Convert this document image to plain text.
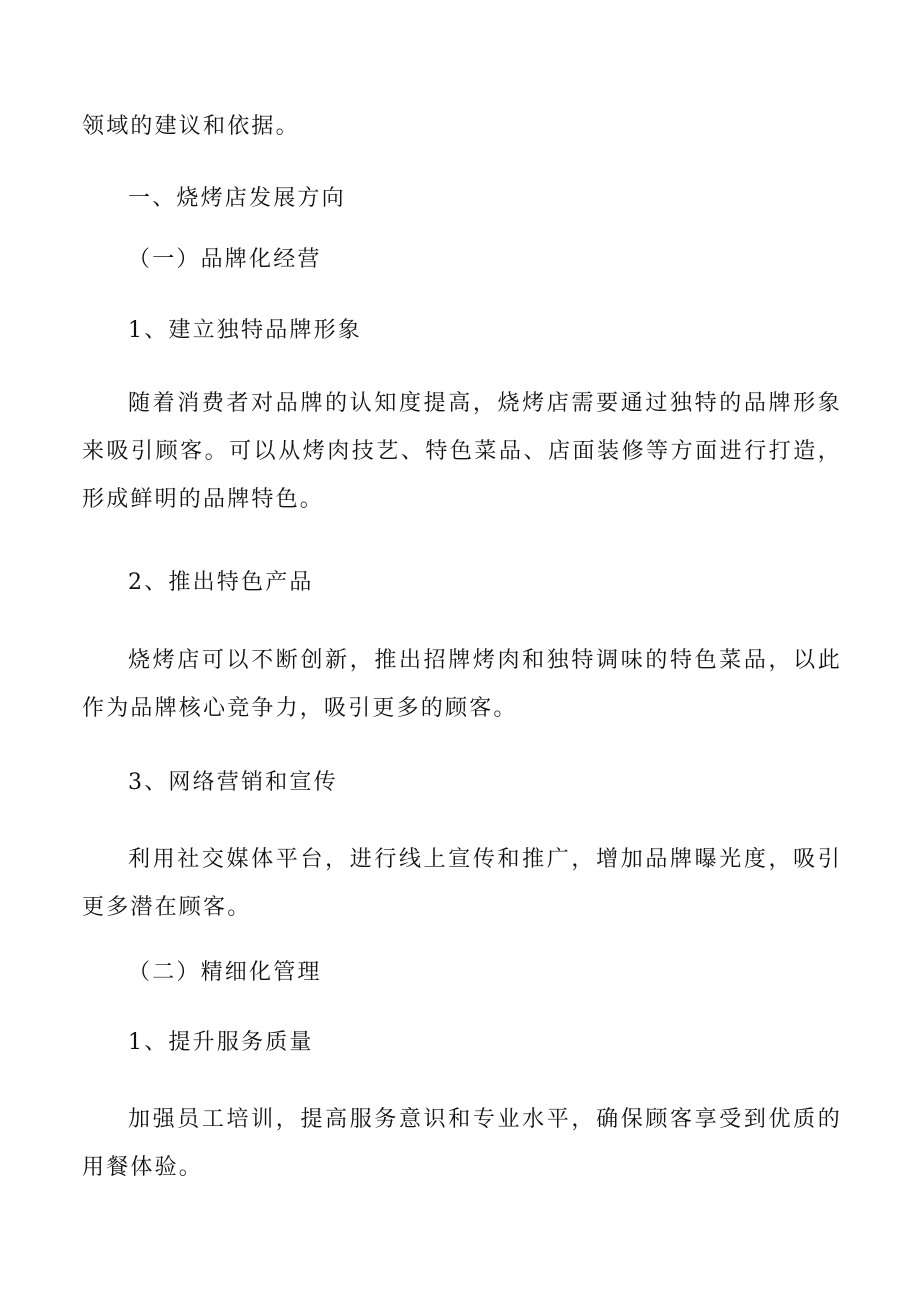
领域的建议和依据。
一、烧烤店发展方向
（一）品牌化经营
1、建立独特品牌形象
随着消费者对品牌的认知度提高，烧烤店需要通过独特的品牌形象来吸引顾客。可以从烤肉技艺、特色菜品、店面装修等方面进行打造，形成鲜明的品牌特色。
2、推出特色产品
烧烤店可以不断创新，推出招牌烤肉和独特调味的特色菜品，以此作为品牌核心竞争力，吸引更多的顾客。
3、网络营销和宣传
利用社交媒体平台，进行线上宣传和推广，增加品牌曝光度，吸引更多潜在顾客。
（二）精细化管理
1、提升服务质量
加强员工培训，提高服务意识和专业水平，确保顾客享受到优质的用餐体验。
